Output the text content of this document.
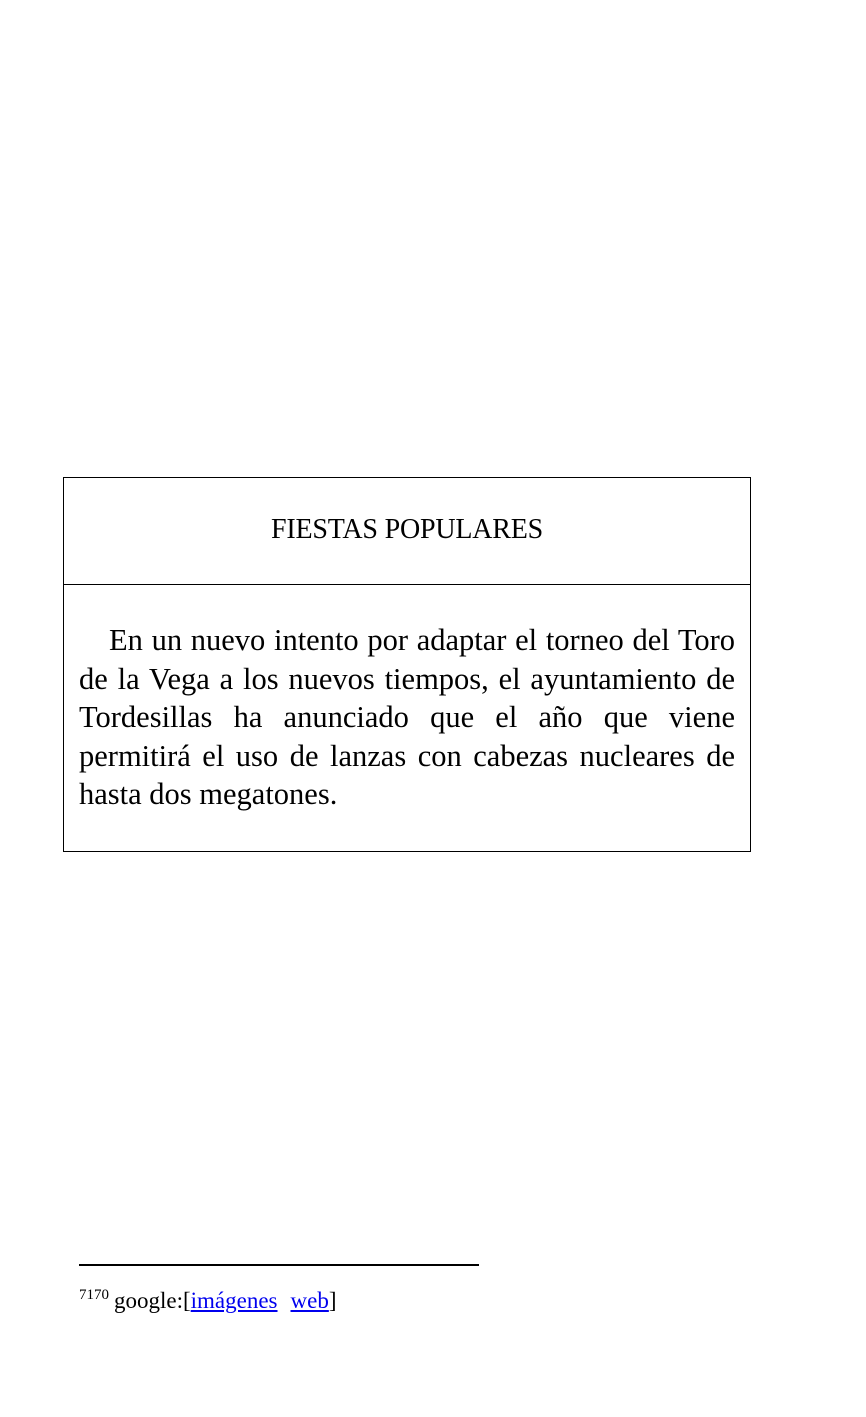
FIESTAS POPULARES

En un nuevo intento por adaptar el torneo del Toro de la Vega a los nuevos tiempos, el ayuntamiento de Tordesillas ha anunciado que el año que viene permitirá el uso de lanzas con cabezas nucleares de hasta dos megatones.

$^{7170}$ google:[imágenes web]
